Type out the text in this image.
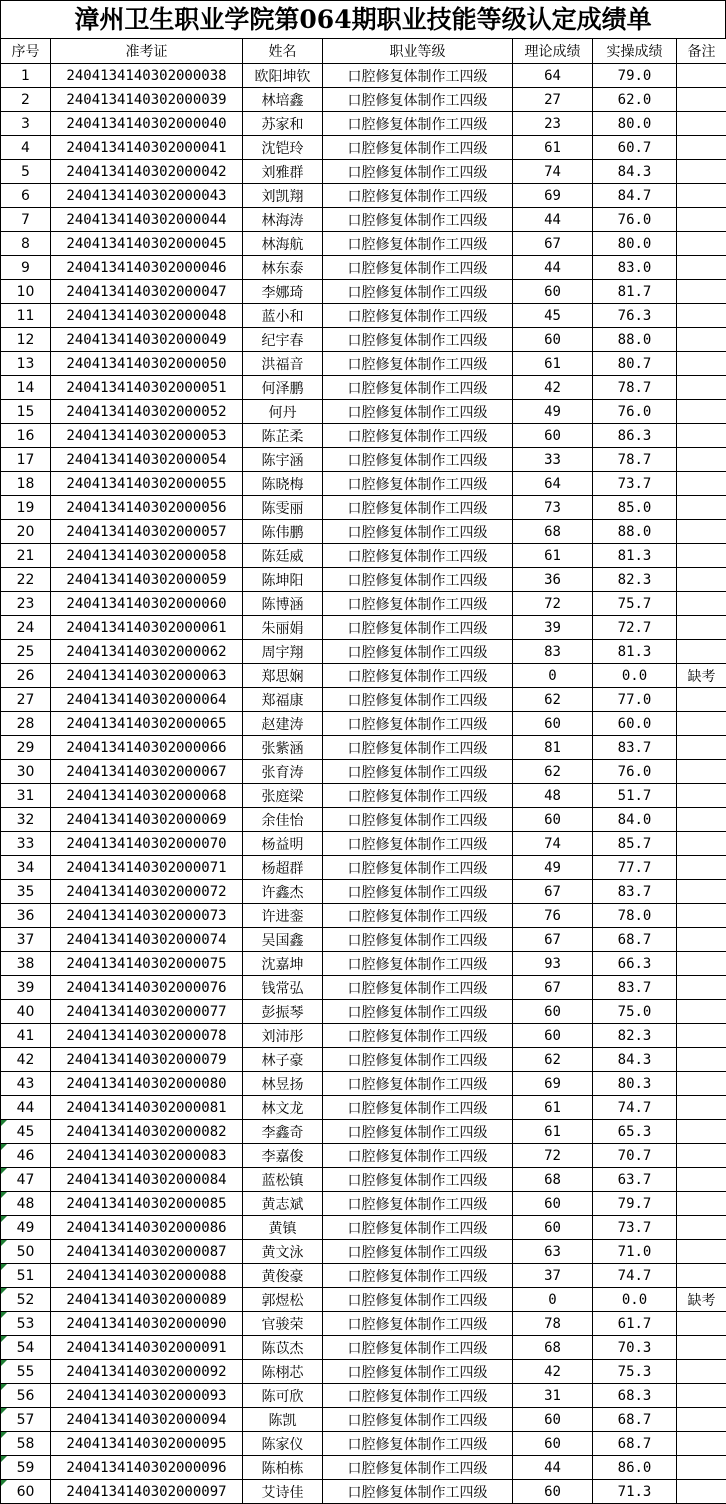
漳州卫生职业学院第064期职业技能等级认定成绩单
序号	准考证	姓名	职业等级	理论成绩	实操成绩	备注
1	2404134140302000038	欧阳坤钦	口腔修复体制作工四级	64	79.0	
2	2404134140302000039	林培鑫	口腔修复体制作工四级	27	62.0	
3	2404134140302000040	苏家和	口腔修复体制作工四级	23	80.0	
4	2404134140302000041	沈铠玲	口腔修复体制作工四级	61	60.7	
5	2404134140302000042	刘雅群	口腔修复体制作工四级	74	84.3	
6	2404134140302000043	刘凯翔	口腔修复体制作工四级	69	84.7	
7	2404134140302000044	林海涛	口腔修复体制作工四级	44	76.0	
8	2404134140302000045	林海航	口腔修复体制作工四级	67	80.0	
9	2404134140302000046	林东泰	口腔修复体制作工四级	44	83.0	
10	2404134140302000047	李娜琦	口腔修复体制作工四级	60	81.7	
11	2404134140302000048	蓝小和	口腔修复体制作工四级	45	76.3	
12	2404134140302000049	纪宇春	口腔修复体制作工四级	60	88.0	
13	2404134140302000050	洪福音	口腔修复体制作工四级	61	80.7	
14	2404134140302000051	何泽鹏	口腔修复体制作工四级	42	78.7	
15	2404134140302000052	何丹	口腔修复体制作工四级	49	76.0	
16	2404134140302000053	陈芷柔	口腔修复体制作工四级	60	86.3	
17	2404134140302000054	陈宇涵	口腔修复体制作工四级	33	78.7	
18	2404134140302000055	陈晓梅	口腔修复体制作工四级	64	73.7	
19	2404134140302000056	陈雯丽	口腔修复体制作工四级	73	85.0	
20	2404134140302000057	陈伟鹏	口腔修复体制作工四级	68	88.0	
21	2404134140302000058	陈廷威	口腔修复体制作工四级	61	81.3	
22	2404134140302000059	陈坤阳	口腔修复体制作工四级	36	82.3	
23	2404134140302000060	陈博涵	口腔修复体制作工四级	72	75.7	
24	2404134140302000061	朱丽娟	口腔修复体制作工四级	39	72.7	
25	2404134140302000062	周宇翔	口腔修复体制作工四级	83	81.3	
26	2404134140302000063	郑思娴	口腔修复体制作工四级	0	0.0	缺考
27	2404134140302000064	郑福康	口腔修复体制作工四级	62	77.0	
28	2404134140302000065	赵建涛	口腔修复体制作工四级	60	60.0	
29	2404134140302000066	张紫涵	口腔修复体制作工四级	81	83.7	
30	2404134140302000067	张育涛	口腔修复体制作工四级	62	76.0	
31	2404134140302000068	张庭梁	口腔修复体制作工四级	48	51.7	
32	2404134140302000069	余佳怡	口腔修复体制作工四级	60	84.0	
33	2404134140302000070	杨益明	口腔修复体制作工四级	74	85.7	
34	2404134140302000071	杨超群	口腔修复体制作工四级	49	77.7	
35	2404134140302000072	许鑫杰	口腔修复体制作工四级	67	83.7	
36	2404134140302000073	许进銮	口腔修复体制作工四级	76	78.0	
37	2404134140302000074	吴国鑫	口腔修复体制作工四级	67	68.7	
38	2404134140302000075	沈嘉坤	口腔修复体制作工四级	93	66.3	
39	2404134140302000076	钱常弘	口腔修复体制作工四级	67	83.7	
40	2404134140302000077	彭振琴	口腔修复体制作工四级	60	75.0	
41	2404134140302000078	刘沛彤	口腔修复体制作工四级	60	82.3	
42	2404134140302000079	林子豪	口腔修复体制作工四级	62	84.3	
43	2404134140302000080	林昱扬	口腔修复体制作工四级	69	80.3	
44	2404134140302000081	林文龙	口腔修复体制作工四级	61	74.7	
45	2404134140302000082	李鑫奇	口腔修复体制作工四级	61	65.3	
46	2404134140302000083	李嘉俊	口腔修复体制作工四级	72	70.7	
47	2404134140302000084	蓝松镇	口腔修复体制作工四级	68	63.7	
48	2404134140302000085	黄志斌	口腔修复体制作工四级	60	79.7	
49	2404134140302000086	黄镇	口腔修复体制作工四级	60	73.7	
50	2404134140302000087	黄文泳	口腔修复体制作工四级	63	71.0	
51	2404134140302000088	黄俊豪	口腔修复体制作工四级	37	74.7	
52	2404134140302000089	郭煜松	口腔修复体制作工四级	0	0.0	缺考
53	2404134140302000090	官骏荣	口腔修复体制作工四级	78	61.7	
54	2404134140302000091	陈苡杰	口腔修复体制作工四级	68	70.3	
55	2404134140302000092	陈栩芯	口腔修复体制作工四级	42	75.3	
56	2404134140302000093	陈可欣	口腔修复体制作工四级	31	68.3	
57	2404134140302000094	陈凯	口腔修复体制作工四级	60	68.7	
58	2404134140302000095	陈家仪	口腔修复体制作工四级	60	68.7	
59	2404134140302000096	陈柏栋	口腔修复体制作工四级	44	86.0	
60	2404134140302000097	艾诗佳	口腔修复体制作工四级	60	71.3	
